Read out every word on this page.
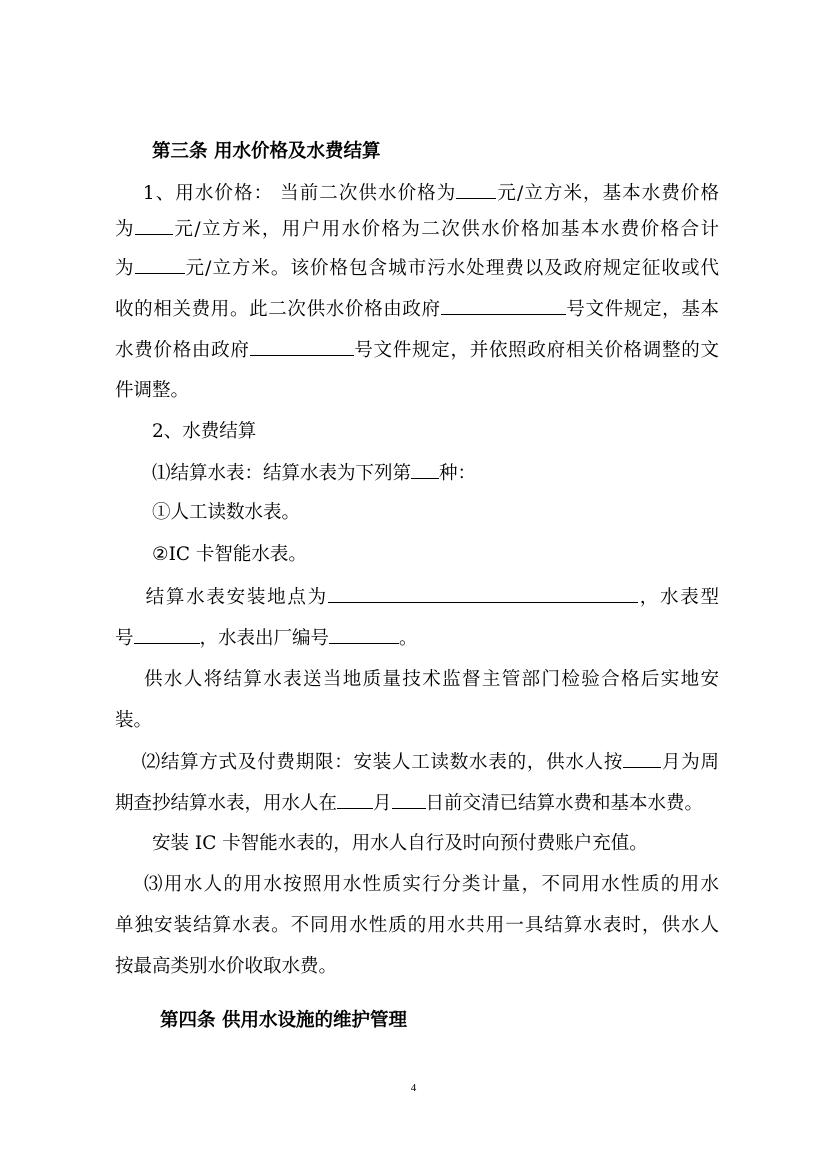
第三条 用水价格及水费结算
1、用水价格： 当前二次供水价格为 元/立方米，基本水费价格
为 元/立方米，用户用水价格为二次供水价格加基本水费价格合计
为	元/立方米。该价格包含城市污水处理费以及政府规定征收或代
收的相关费用。此二次供水价格由政府	号文件规定，基本
水费价格由政府	号文件规定，并依照政府相关价格调整的文
件调整。
2、水费结算
⑴结算水表：结算水表为下列第 种：
①人工读数水表。
②IC 卡智能水表。
结算水表安装地点为	，水表型
号	，水表出厂编号	。
供水人将结算水表送当地质量技术监督主管部门检验合格后实地安
装。
⑵结算方式及付费期限：安装人工读数水表的，供水人按 月为周
期查抄结算水表，用水人在 月 日前交清已结算水费和基本水费。
安装 IC 卡智能水表的，用水人自行及时向预付费账户充值。
⑶用水人的用水按照用水性质实行分类计量，不同用水性质的用水
单独安装结算水表。不同用水性质的用水共用一具结算水表时，供水人
按最高类别水价收取水费。
第四条 供用水设施的维护管理
4
